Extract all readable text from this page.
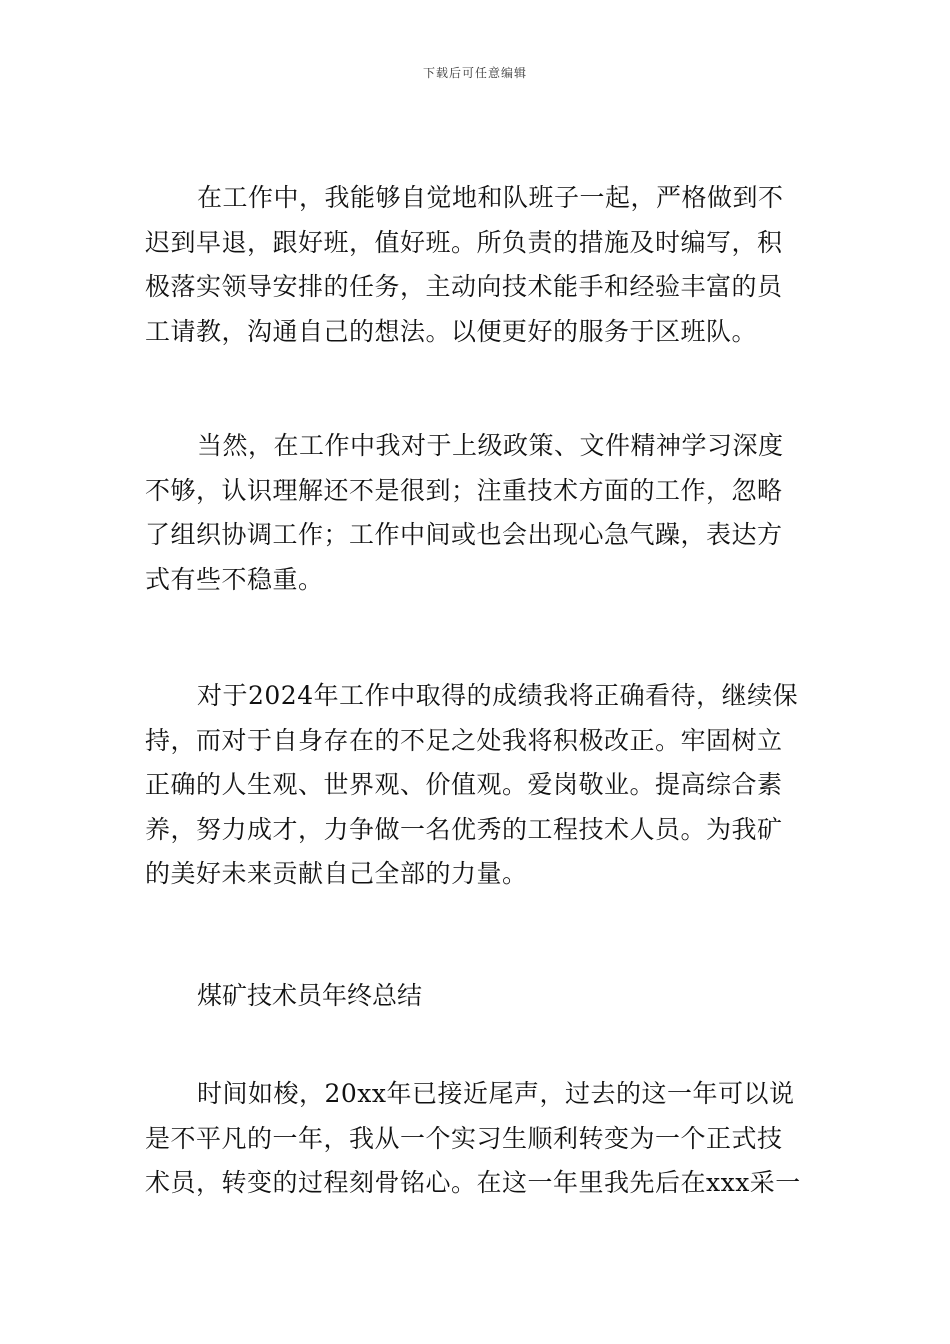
下载后可任意编辑
在工作中，我能够自觉地和队班子一起，严格做到不
迟到早退，跟好班，值好班。所负责的措施及时编写，积
极落实领导安排的任务，主动向技术能手和经验丰富的员
工请教，沟通自己的想法。以便更好的服务于区班队。
当然，在工作中我对于上级政策、文件精神学习深度
不够，认识理解还不是很到；注重技术方面的工作，忽略
了组织协调工作；工作中间或也会出现心急气躁，表达方
式有些不稳重。
对于2024年工作中取得的成绩我将正确看待，继续保
持，而对于自身存在的不足之处我将积极改正。牢固树立
正确的人生观、世界观、价值观。爱岗敬业。提高综合素
养，努力成才，力争做一名优秀的工程技术人员。为我矿
的美好未来贡献自己全部的力量。
煤矿技术员年终总结
时间如梭，20xx年已接近尾声，过去的这一年可以说
是不平凡的一年，我从一个实习生顺利转变为一个正式技
术员，转变的过程刻骨铭心。在这一年里我先后在xxx采一
